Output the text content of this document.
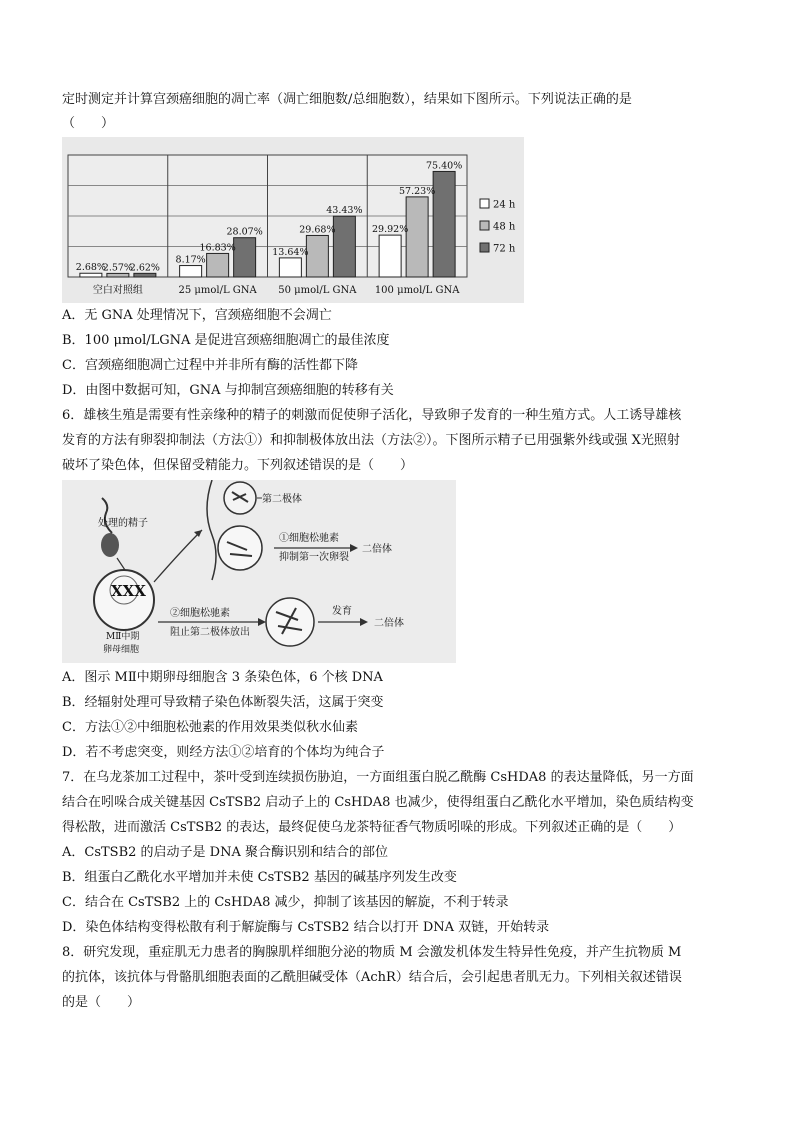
定时测定并计算宫颈癌细胞的凋亡率（凋亡细胞数/总细胞数），结果如下图所示。下列说法正确的是
（　　）
2.68%
2.57%
2.62%
8.17%
16.83%
28.07%
13.64%
29.68%
43.43%
29.92%
57.23%
75.40%
空白对照组	25 μmol/L GNA 50 μmol/L GNA 100 μmol/L GNA
24 h
48 h
72 h
A．无 GNA 处理情况下，宫颈癌细胞不会凋亡
B．100 μmol/LGNA 是促进宫颈癌细胞凋亡的最佳浓度
C．宫颈癌细胞凋亡过程中并非所有酶的活性都下降
D．由图中数据可知，GNA 与抑制宫颈癌细胞的转移有关
6．雄核生殖是需要有性亲缘种的精子的刺激而促使卵子活化，导致卵子发育的一种生殖方式。人工诱导雄核
发育的方法有卵裂抑制法（方法①）和抑制极体放出法（方法②）。下图所示精子已用强紫外线或强 X光照射
破坏了染色体，但保留受精能力。下列叙述错误的是（　　）
处理的精子
XXX
MⅡ中期
卵母细胞
第二极体
①细胞松驰素
抑制第一次卵裂
二倍体
②细胞松驰素
阻止第二极体放出
发育
二倍体
A．图示 MⅡ中期卵母细胞含 3 条染色体，6 个核 DNA
B．经辐射处理可导致精子染色体断裂失活，这属于突变
C．方法①②中细胞松弛素的作用效果类似秋水仙素
D．若不考虑突变，则经方法①②培育的个体均为纯合子
7．在乌龙茶加工过程中，茶叶受到连续损伤胁迫，一方面组蛋白脱乙酰酶 CsHDA8 的表达量降低，另一方面
结合在吲哚合成关键基因 CsTSB2 启动子上的 CsHDA8 也减少，使得组蛋白乙酰化水平增加，染色质结构变
得松散，进而激活 CsTSB2 的表达，最终促使乌龙茶特征香气物质吲哚的形成。下列叙述正确的是（　　）
A．CsTSB2 的启动子是 DNA 聚合酶识别和结合的部位
B．组蛋白乙酰化水平增加并未使 CsTSB2 基因的碱基序列发生改变
C．结合在 CsTSB2 上的 CsHDA8 减少，抑制了该基因的解旋，不利于转录
D．染色体结构变得松散有利于解旋酶与 CsTSB2 结合以打开 DNA 双链，开始转录
8．研究发现，重症肌无力患者的胸腺肌样细胞分泌的物质 M 会激发机体发生特异性免疫，并产生抗物质 M
的抗体，该抗体与骨骼肌细胞表面的乙酰胆碱受体（AchR）结合后，会引起患者肌无力。下列相关叙述错误
的是（　　）
